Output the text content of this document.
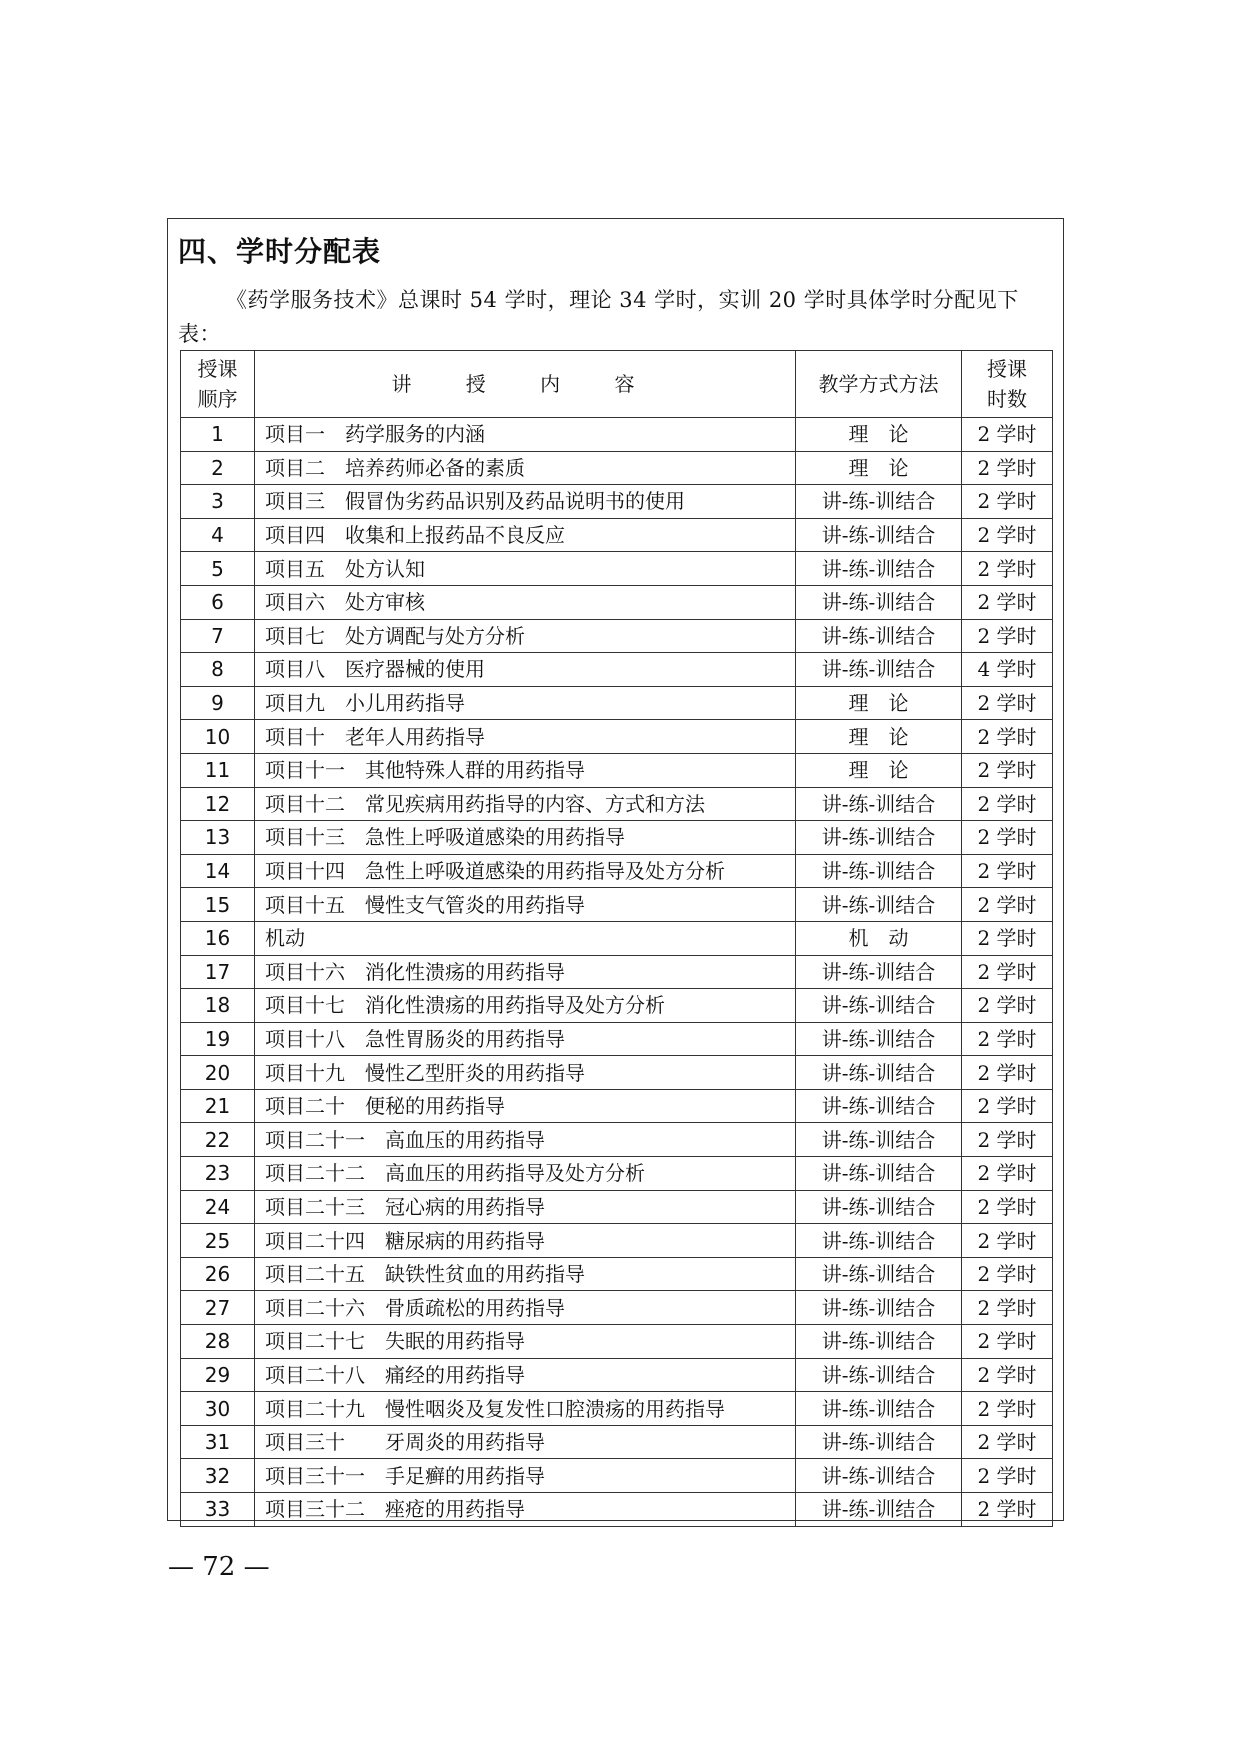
四、学时分配表
《药学服务技术》总课时 54 学时，理论 34 学时，实训 20 学时具体学时分配见下表：
授课顺序	讲 授 内 容	教学方式方法	授课时数
1	项目一　药学服务的内涵	理　论	2 学时
2	项目二　培养药师必备的素质	理　论	2 学时
3	项目三　假冒伪劣药品识别及药品说明书的使用	讲-练-训结合	2 学时
4	项目四　收集和上报药品不良反应	讲-练-训结合	2 学时
5	项目五　处方认知	讲-练-训结合	2 学时
6	项目六　处方审核	讲-练-训结合	2 学时
7	项目七　处方调配与处方分析	讲-练-训结合	2 学时
8	项目八　医疗器械的使用	讲-练-训结合	4 学时
9	项目九　小儿用药指导	理　论	2 学时
10	项目十　老年人用药指导	理　论	2 学时
11	项目十一　其他特殊人群的用药指导	理　论	2 学时
12	项目十二　常见疾病用药指导的内容、方式和方法	讲-练-训结合	2 学时
13	项目十三　急性上呼吸道感染的用药指导	讲-练-训结合	2 学时
14	项目十四　急性上呼吸道感染的用药指导及处方分析	讲-练-训结合	2 学时
15	项目十五　慢性支气管炎的用药指导	讲-练-训结合	2 学时
16	机动	机　动	2 学时
17	项目十六　消化性溃疡的用药指导	讲-练-训结合	2 学时
18	项目十七　消化性溃疡的用药指导及处方分析	讲-练-训结合	2 学时
19	项目十八　急性胃肠炎的用药指导	讲-练-训结合	2 学时
20	项目十九　慢性乙型肝炎的用药指导	讲-练-训结合	2 学时
21	项目二十　便秘的用药指导	讲-练-训结合	2 学时
22	项目二十一　高血压的用药指导	讲-练-训结合	2 学时
23	项目二十二　高血压的用药指导及处方分析	讲-练-训结合	2 学时
24	项目二十三　冠心病的用药指导	讲-练-训结合	2 学时
25	项目二十四　糖尿病的用药指导	讲-练-训结合	2 学时
26	项目二十五　缺铁性贫血的用药指导	讲-练-训结合	2 学时
27	项目二十六　骨质疏松的用药指导	讲-练-训结合	2 学时
28	项目二十七　失眠的用药指导	讲-练-训结合	2 学时
29	项目二十八　痛经的用药指导	讲-练-训结合	2 学时
30	项目二十九　慢性咽炎及复发性口腔溃疡的用药指导	讲-练-训结合	2 学时
31	项目三十　　牙周炎的用药指导	讲-练-训结合	2 学时
32	项目三十一　手足癣的用药指导	讲-练-训结合	2 学时
33	项目三十二　痤疮的用药指导	讲-练-训结合	2 学时
— 72 —
